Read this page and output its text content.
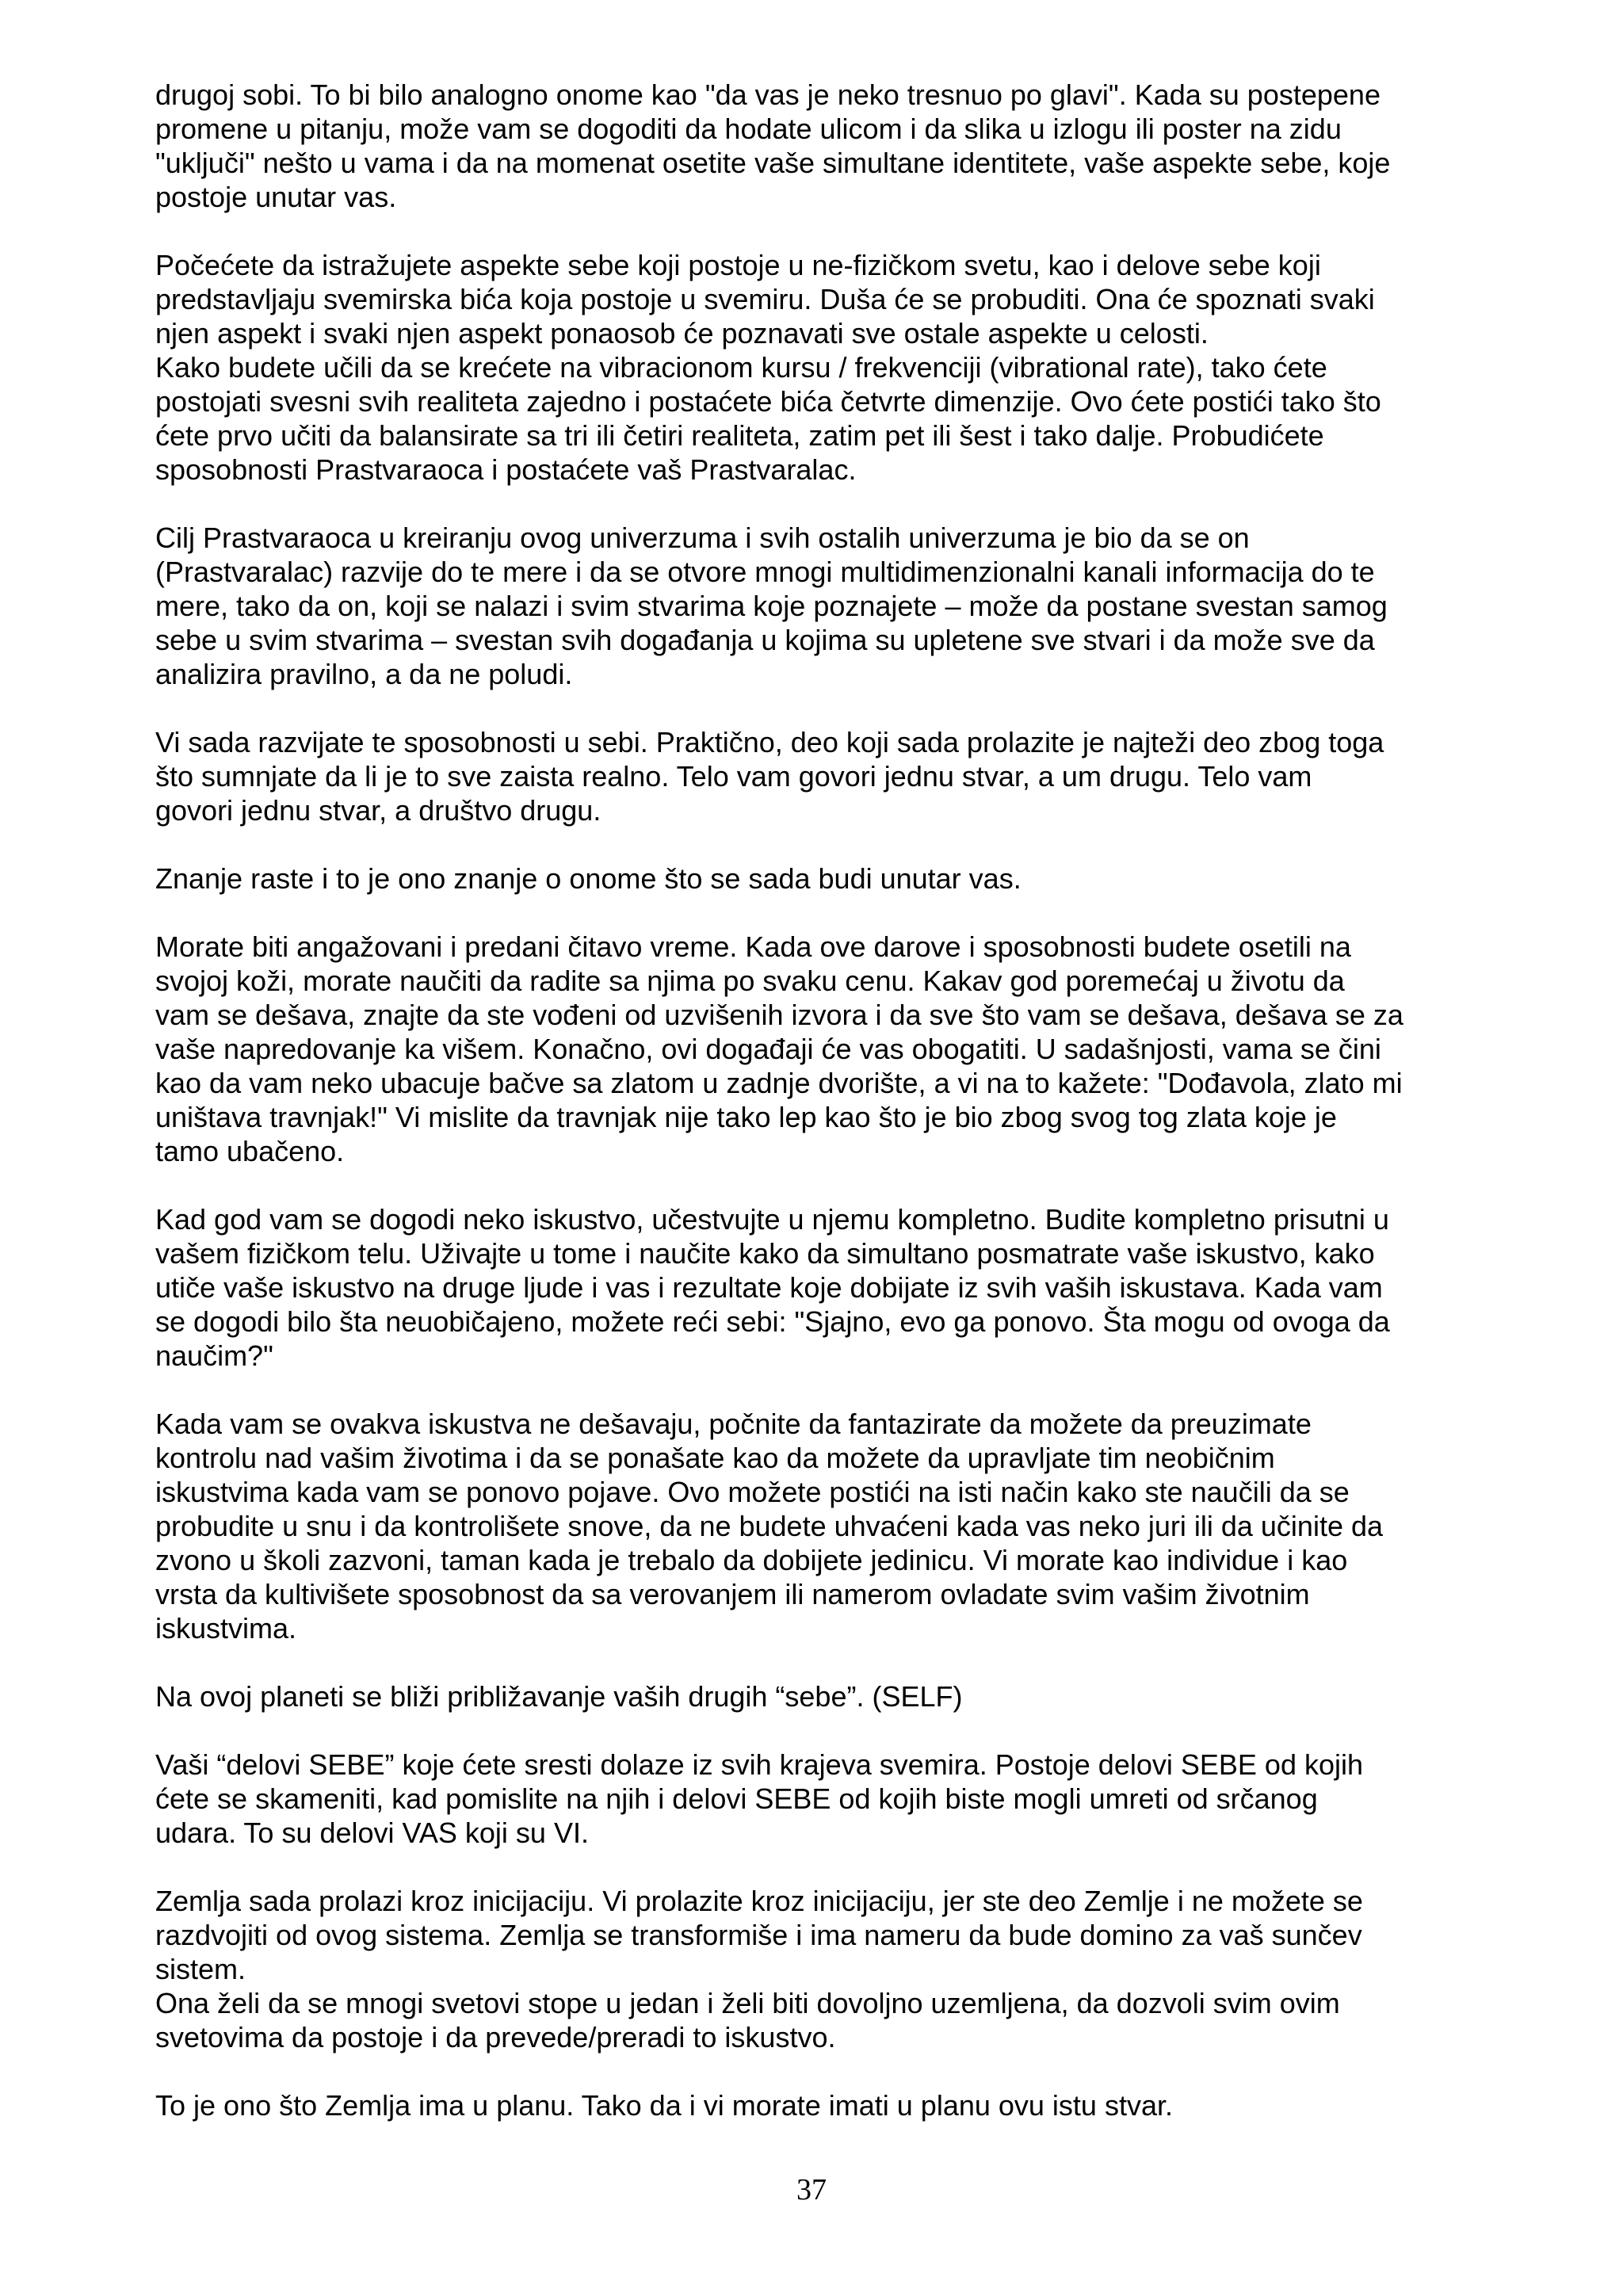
drugoj sobi. To bi bilo analogno onome kao "da vas je neko tresnuo po glavi". Kada su postepene
promene u pitanju, može vam se dogoditi da hodate ulicom i da slika u izlogu ili poster na zidu
"uključi" nešto u vama i da na momenat osetite vaše simultane identitete, vaše aspekte sebe, koje
postoje unutar vas.

Počećete da istražujete aspekte sebe koji postoje u ne-fizičkom svetu, kao i delove sebe koji
predstavljaju svemirska bića koja postoje u svemiru. Duša će se probuditi. Ona će spoznati svaki
njen aspekt i svaki njen aspekt ponaosob će poznavati sve ostale aspekte u celosti.

Kako budete učili da se krećete na vibracionom kursu / frekvenciji (vibrational rate), tako ćete
postojati svesni svih realiteta zajedno i postaćete bića četvrte dimenzije. Ovo ćete postići tako što
ćete prvo učiti da balansirate sa tri ili četiri realiteta, zatim pet ili šest i tako dalje. Probudićete
sposobnosti Prastvaraoca i postaćete vaš Prastvaralac.

Cilj Prastvaraoca u kreiranju ovog univerzuma i svih ostalih univerzuma je bio da se on
(Prastvaralac) razvije do te mere i da se otvore mnogi multidimenzionalni kanali informacija do te
mere, tako da on, koji se nalazi i svim stvarima koje poznajete – može da postane svestan samog
sebe u svim stvarima – svestan svih događanja u kojima su upletene sve stvari i da može sve da
analizira pravilno, a da ne poludi.

Vi sada razvijate te sposobnosti u sebi. Praktično, deo koji sada prolazite je najteži deo zbog toga
što sumnjate da li je to sve zaista realno. Telo vam govori jednu stvar, a um drugu. Telo vam
govori jednu stvar, a društvo drugu.

Znanje raste i to je ono znanje o onome što se sada budi unutar vas.

Morate biti angažovani i predani čitavo vreme. Kada ove darove i sposobnosti budete osetili na
svojoj koži, morate naučiti da radite sa njima po svaku cenu. Kakav god poremećaj u životu da
vam se dešava, znajte da ste vođeni od uzvišenih izvora i da sve što vam se dešava, dešava se za
vaše napredovanje ka višem. Konačno, ovi događaji će vas obogatiti. U sadašnjosti, vama se čini
kao da vam neko ubacuje bačve sa zlatom u zadnje dvorište, a vi na to kažete: "Dođavola, zlato mi
uništava travnjak!" Vi mislite da travnjak nije tako lep kao što je bio zbog svog tog zlata koje je
tamo ubačeno.

Kad god vam se dogodi neko iskustvo, učestvujte u njemu kompletno. Budite kompletno prisutni u
vašem fizičkom telu. Uživajte u tome i naučite kako da simultano posmatrate vaše iskustvo, kako
utiče vaše iskustvo na druge ljude i vas i rezultate koje dobijate iz svih vaših iskustava. Kada vam
se dogodi bilo šta neuobičajeno, možete reći sebi: "Sjajno, evo ga ponovo. Šta mogu od ovoga da
naučim?"

Kada vam se ovakva iskustva ne dešavaju, počnite da fantazirate da možete da preuzimate
kontrolu nad vašim životima i da se ponašate kao da možete da upravljate tim neobičnim
iskustvima kada vam se ponovo pojave. Ovo možete postići na isti način kako ste naučili da se
probudite u snu i da kontrolišete snove, da ne budete uhvaćeni kada vas neko juri ili da učinite da
zvono u školi zazvoni, taman kada je trebalo da dobijete jedinicu. Vi morate kao individue i kao
vrsta da kultivišete sposobnost da sa verovanjem ili namerom ovladate svim vašim životnim
iskustvima.

Na ovoj planeti se bliži približavanje vaših drugih “sebe”. (SELF)

Vaši “delovi SEBE” koje ćete sresti dolaze iz svih krajeva svemira. Postoje delovi SEBE od kojih
ćete se skameniti, kad pomislite na njih i delovi SEBE od kojih biste mogli umreti od srčanog
udara. To su delovi VAS koji su VI.

Zemlja sada prolazi kroz inicijaciju. Vi prolazite kroz inicijaciju, jer ste deo Zemlje i ne možete se
razdvojiti od ovog sistema. Zemlja se transformiše i ima nameru da bude domino za vaš sunčev
sistem.

Ona želi da se mnogi svetovi stope u jedan i želi biti dovoljno uzemljena, da dozvoli svim ovim
svetovima da postoje i da prevede/preradi to iskustvo.

To je ono što Zemlja ima u planu. Tako da i vi morate imati u planu ovu istu stvar.

37
